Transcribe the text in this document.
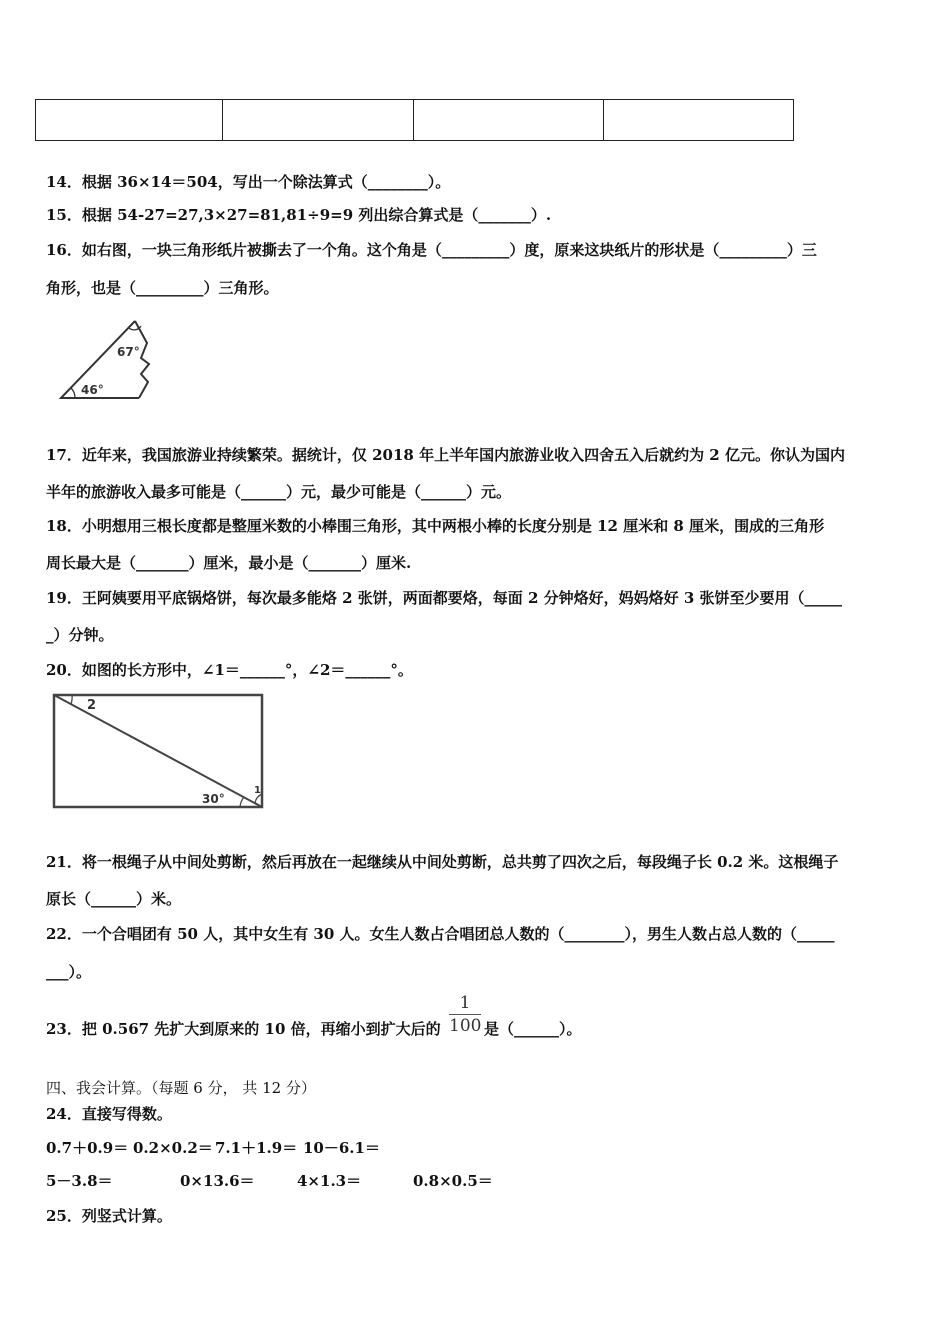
14．根据 36×14＝504，写出一个除法算式（________）。
15．根据 54-27=27,3×27=81,81÷9=9 列出综合算式是（_______）.
16．如右图，一块三角形纸片被撕去了一个角。这个角是（_________）度，原来这块纸片的形状是（_________）三
角形，也是（_________）三角形。
67°
46°
17．近年来，我国旅游业持续繁荣。据统计，仅 2018 年上半年国内旅游业收入四舍五入后就约为 2 亿元。你认为国内
半年的旅游收入最多可能是（______）元，最少可能是（______）元。
18．小明想用三根长度都是整厘米数的小棒围三角形，其中两根小棒的长度分别是 12 厘米和 8 厘米，围成的三角形
周长最大是（_______）厘米，最小是（_______）厘米.
19．王阿姨要用平底锅烙饼，每次最多能烙 2 张饼，两面都要烙，每面 2 分钟烙好，妈妈烙好 3 张饼至少要用（_____
_）分钟。
20．如图的长方形中，∠1＝______°，∠2＝______°。
2
1
30°
21．将一根绳子从中间处剪断，然后再放在一起继续从中间处剪断，总共剪了四次之后，每段绳子长 0.2 米。这根绳子
原长（______）米。
22．一个合唱团有 50 人，其中女生有 30 人。女生人数占合唱团总人数的（________），男生人数占总人数的（_____
___）。
23．把 0.567 先扩大到原来的 10 倍，再缩小到扩大后的
1
100 是（______）。
四、我会计算。（每题 6 分， 共 12 分）
24．直接写得数。
0.7＋0.9＝ 0.2×0.2＝ 7.1＋1.9＝ 10－6.1＝
5－3.8＝	0×13.6＝	4×1.3＝	0.8×0.5＝
25．列竖式计算。
